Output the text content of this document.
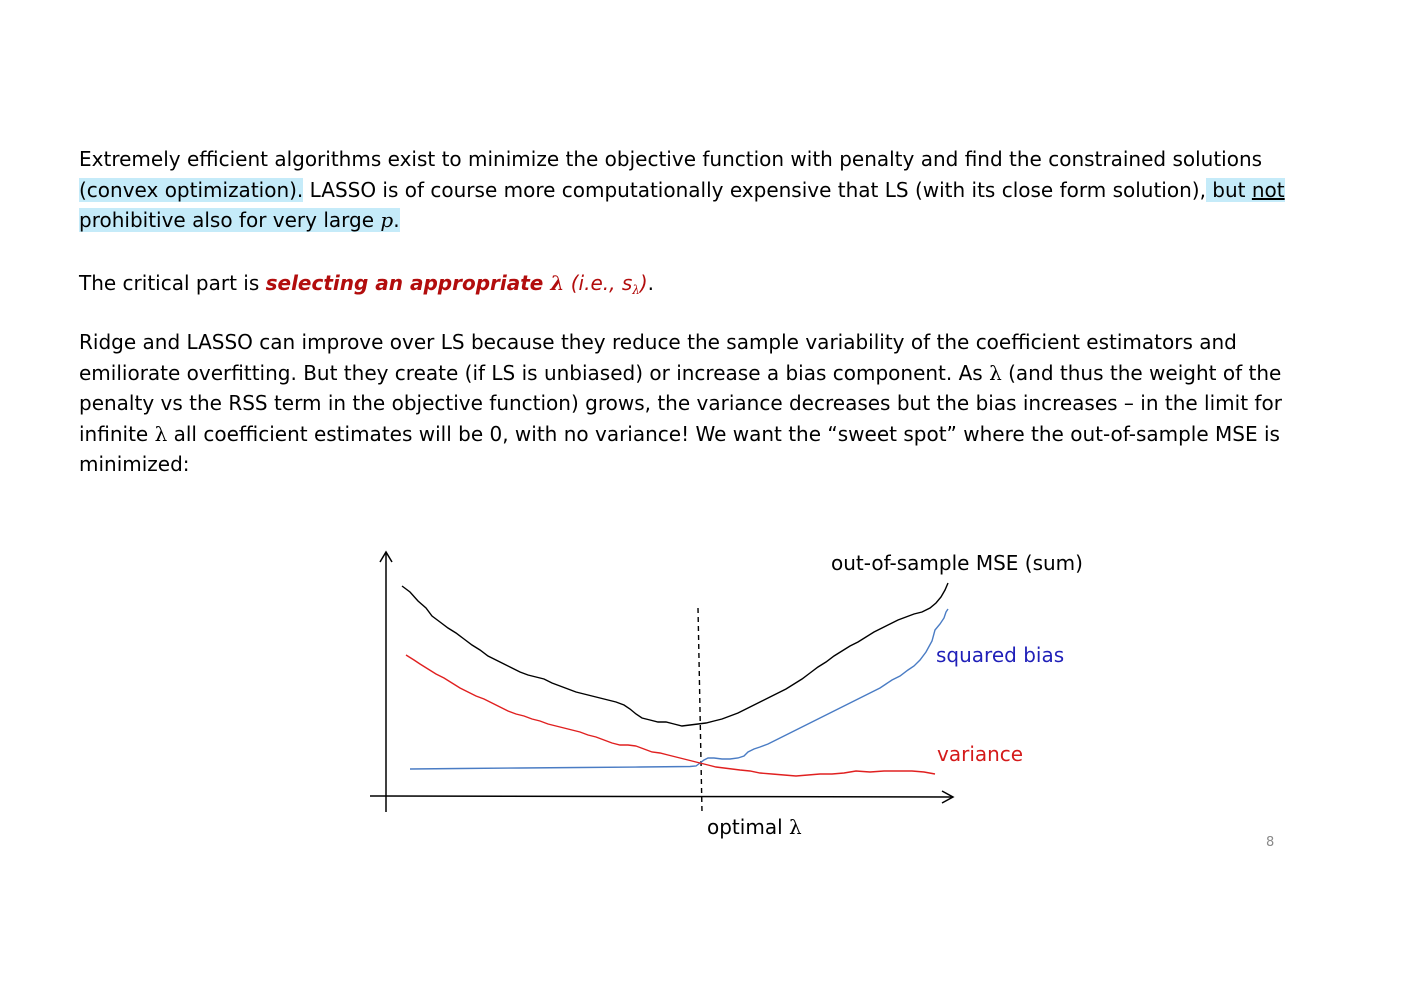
Extremely efficient algorithms exist to minimize the objective function with penalty and find the constrained solutions (convex optimization). LASSO is of course more computationally expensive that LS (with its close form solution), but not prohibitive also for very large p.

The critical part is selecting an appropriate λ (i.e., $s_\lambda$).

Ridge and LASSO can improve over LS because they reduce the sample variability of the coefficient estimators and emiliorate overfitting. But they create (if LS is unbiased) or increase a bias component. As λ (and thus the weight of the penalty vs the RSS term in the objective function) grows, the variance decreases but the bias increases – in the limit for infinite λ all coefficient estimates will be 0, with no variance! We want the “sweet spot” where the out-of-sample MSE is minimized:

out-of-sample MSE (sum)
squared bias
variance
optimal λ
8
